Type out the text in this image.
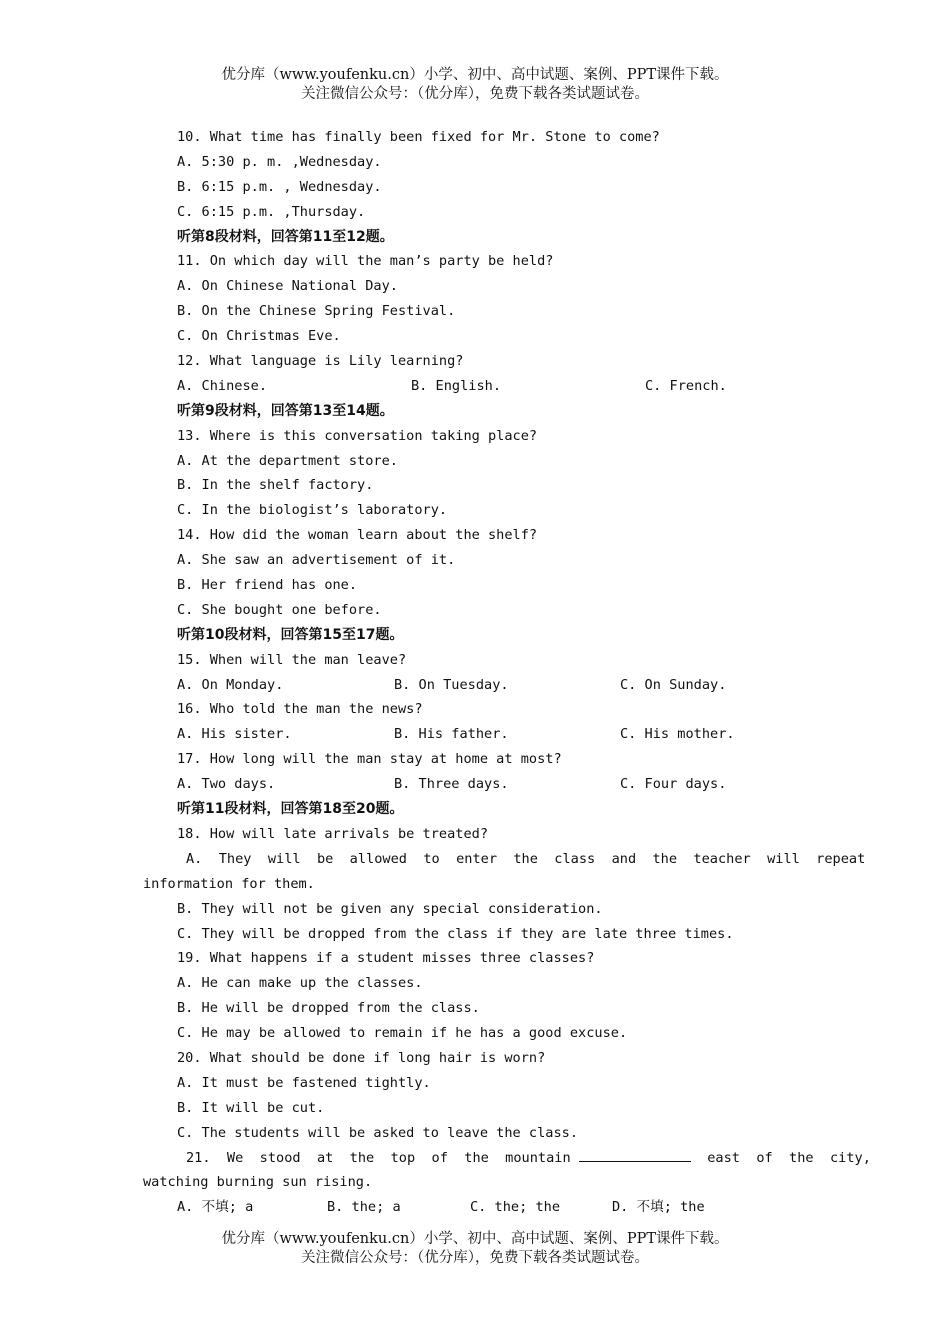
优分库（www.youfenku.cn）小学、初中、高中试题、案例、PPT课件下载。
关注微信公众号：（优分库），免费下载各类试题试卷。
10. What time has finally been fixed for Mr. Stone to come?
A. 5:30 p. m. ,Wednesday.
B. 6:15 p.m. , Wednesday.
C. 6:15 p.m. ,Thursday.
听第8段材料，回答第11至12题。
11. On which day will the man’s party be held?
A. On Chinese National Day.
B. On the Chinese Spring Festival.
C. On Christmas Eve.
12. What language is Lily learning?
A. Chinese.	B. English.	C. French.
听第9段材料，回答第13至14题。
13. Where is this conversation taking place?
A. At the department store.
B. In the shelf factory.
C. In the biologist’s laboratory.
14. How did the woman learn about the shelf?
A. She saw an advertisement of it.
B. Her friend has one.
C. She bought one before.
听第10段材料，回答第15至17题。
15. When will the man leave?
A. On Monday.	B. On Tuesday.	C. On Sunday.
16. Who told the man the news?
A. His sister.	B. His father.	C. His mother.
17. How long will the man stay at home at most?
A. Two days.	B. Three days.	C. Four days.
听第11段材料，回答第18至20题。
18. How will late arrivals be treated?
A.  They  will  be  allowed  to  enter  the  class  and  the  teacher  will  repeat
information for them.
B. They will not be given any special consideration.
C. They will be dropped from the class if they are late three times.
19. What happens if a student misses three classes?
A. He can make up the classes.
B. He will be dropped from the class.
C. He may be allowed to remain if he has a good excuse.
20. What should be done if long hair is worn?
A. It must be fastened tightly.
B. It will be cut.
C. The students will be asked to leave the class.
21.  We  stood  at  the  top  of  the  mountain	east  of  the  city,
watching burning sun rising.
A. 不填; a	B. the; a	C. the; the	D. 不填; the
优分库（www.youfenku.cn）小学、初中、高中试题、案例、PPT课件下载。
关注微信公众号：（优分库），免费下载各类试题试卷。
